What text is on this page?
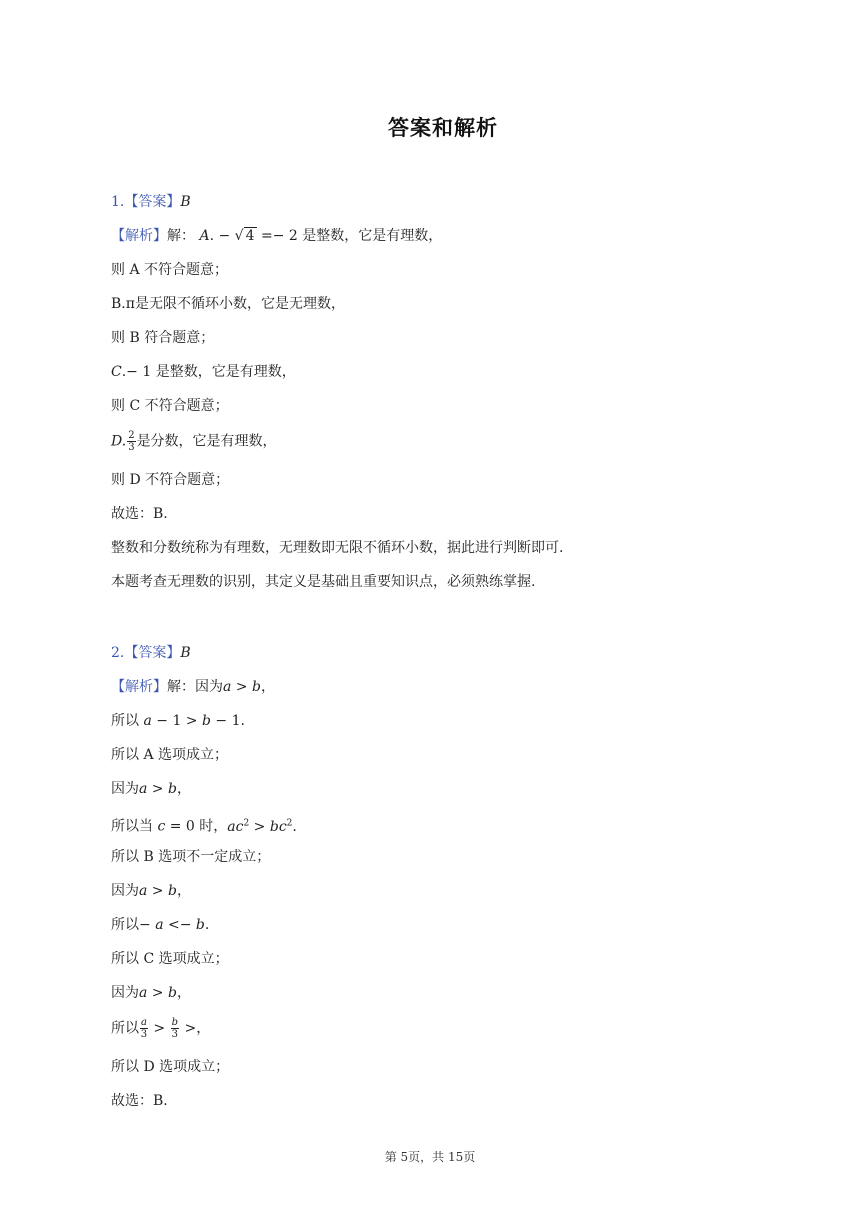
答案和解析
1.【答案】B
【解析】解： A. − √ 4 =− 2 是整数，它是有理数，
则 A 不符合题意；
B.π是无限不循环小数，它是无理数，
则 B 符合题意；
C.− 1 是整数，它是有理数，
则 C 不符合题意；
D. $\frac{2}{3}$ 是分数，它是有理数，
则 D 不符合题意；
故选：B.
整数和分数统称为有理数，无理数即无限不循环小数，据此进行判断即可.
本题考查无理数的识别，其定义是基础且重要知识点，必须熟练掌握.
2.【答案】B
【解析】解：因为a > b，
所以 a − 1 > b − 1.
所以 A 选项成立；
因为a > b，
所以当 c = 0 时，$ac^2 > bc^2$.
所以 B 选项不一定成立；
因为a > b，
所以− a <− b.
所以 C 选项成立；
因为a > b，
所以 $\frac{a}{3} > \frac{b}{3}$ >，
所以 D 选项成立；
故选：B.
第 5页，共 15页
